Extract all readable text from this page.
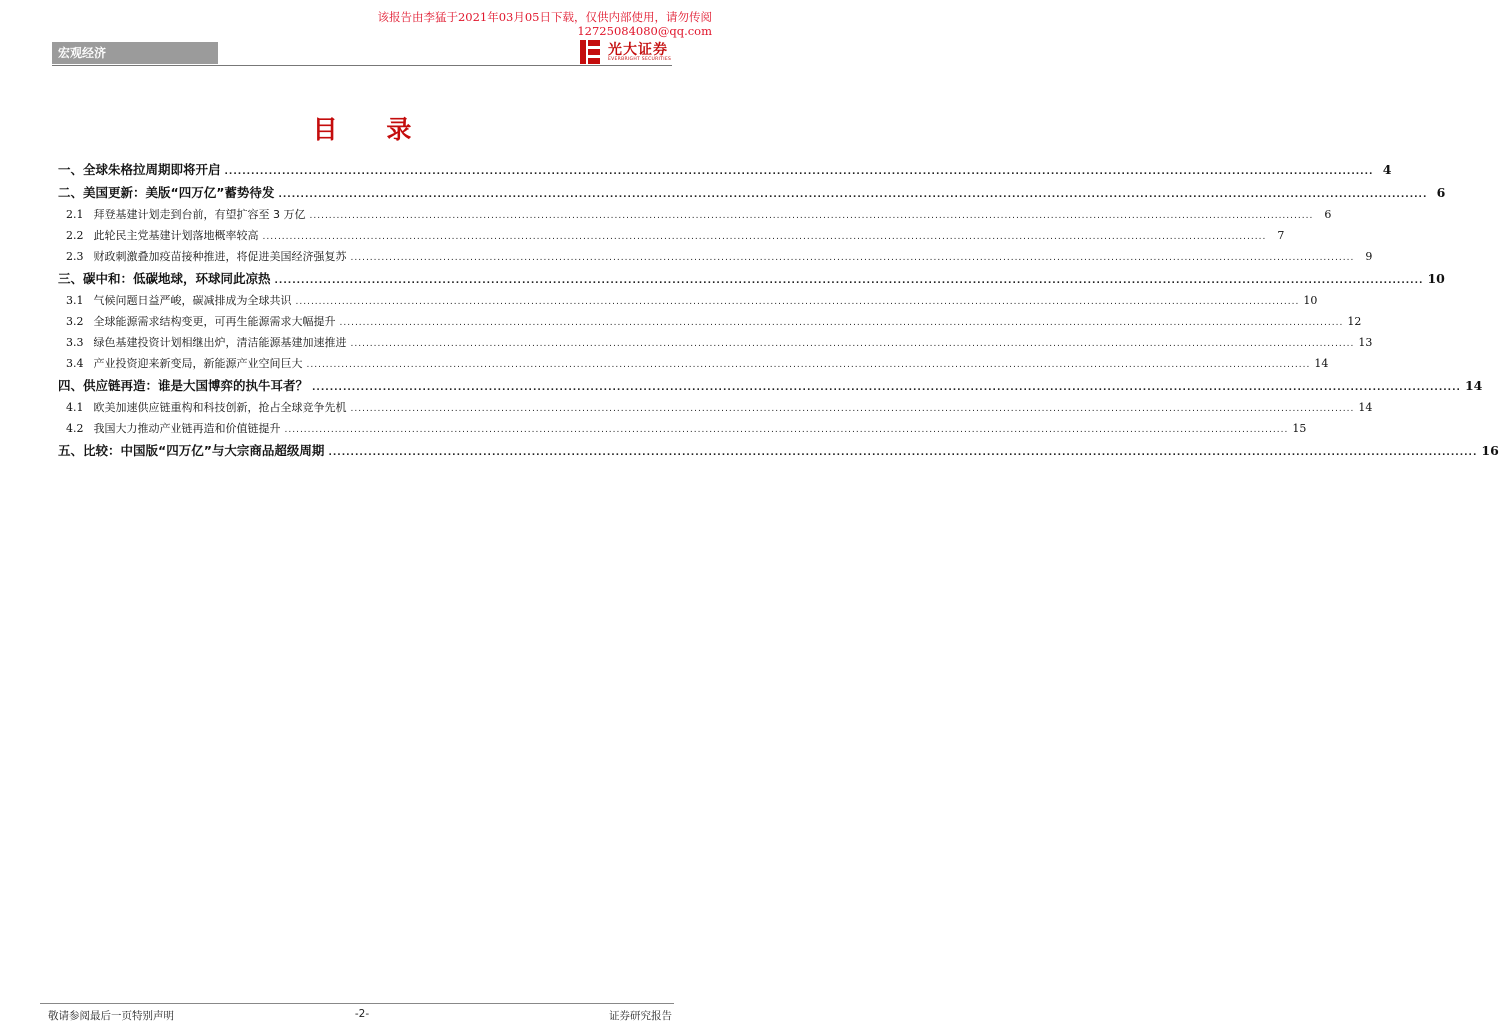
该报告由李猛于2021年03月05日下载，仅供内部使用，请勿传阅
12725084080@qq.com
宏观经济	光大证券
EVERBRIGHT SECURITIES
目 录
一、全球朱格拉周期即将开启 .................................................................................................................................................................................................................................................................... 4
二、美国更新：美版“四万亿”蓄势待发 .................................................................................................................................................................................................................................................................... 6
2.1 拜登基建计划走到台前，有望扩容至 3 万亿 ....................................................................................................................................................................................................................................................................	6
2.2 此轮民主党基建计划落地概率较高 ....................................................................................................................................................................................................................................................................	7
2.3 财政刺激叠加疫苗接种推进，将促进美国经济强复苏 ....................................................................................................................................................................................................................................................................	9
三、碳中和：低碳地球，环球同此凉热 .................................................................................................................................................................................................................................................................... 10
3.1 气候问题日益严峻，碳减排成为全球共识 .................................................................................................................................................................................................................................................................... 10
3.2 全球能源需求结构变更，可再生能源需求大幅提升 .................................................................................................................................................................................................................................................................... 12
3.3 绿色基建投资计划相继出炉，清洁能源基建加速推进 .................................................................................................................................................................................................................................................................... 13
3.4 产业投资迎来新变局，新能源产业空间巨大 .................................................................................................................................................................................................................................................................... 14
四、供应链再造：谁是大国博弈的执牛耳者？ .................................................................................................................................................................................................................................................................... 14
4.1 欧美加速供应链重构和科技创新，抢占全球竞争先机 .................................................................................................................................................................................................................................................................... 14
4.2 我国大力推动产业链再造和价值链提升 .................................................................................................................................................................................................................................................................... 15
五、比较：中国版“四万亿”与大宗商品超级周期 .................................................................................................................................................................................................................................................................... 16
敬请参阅最后一页特别声明	-2-	证券研究报告
